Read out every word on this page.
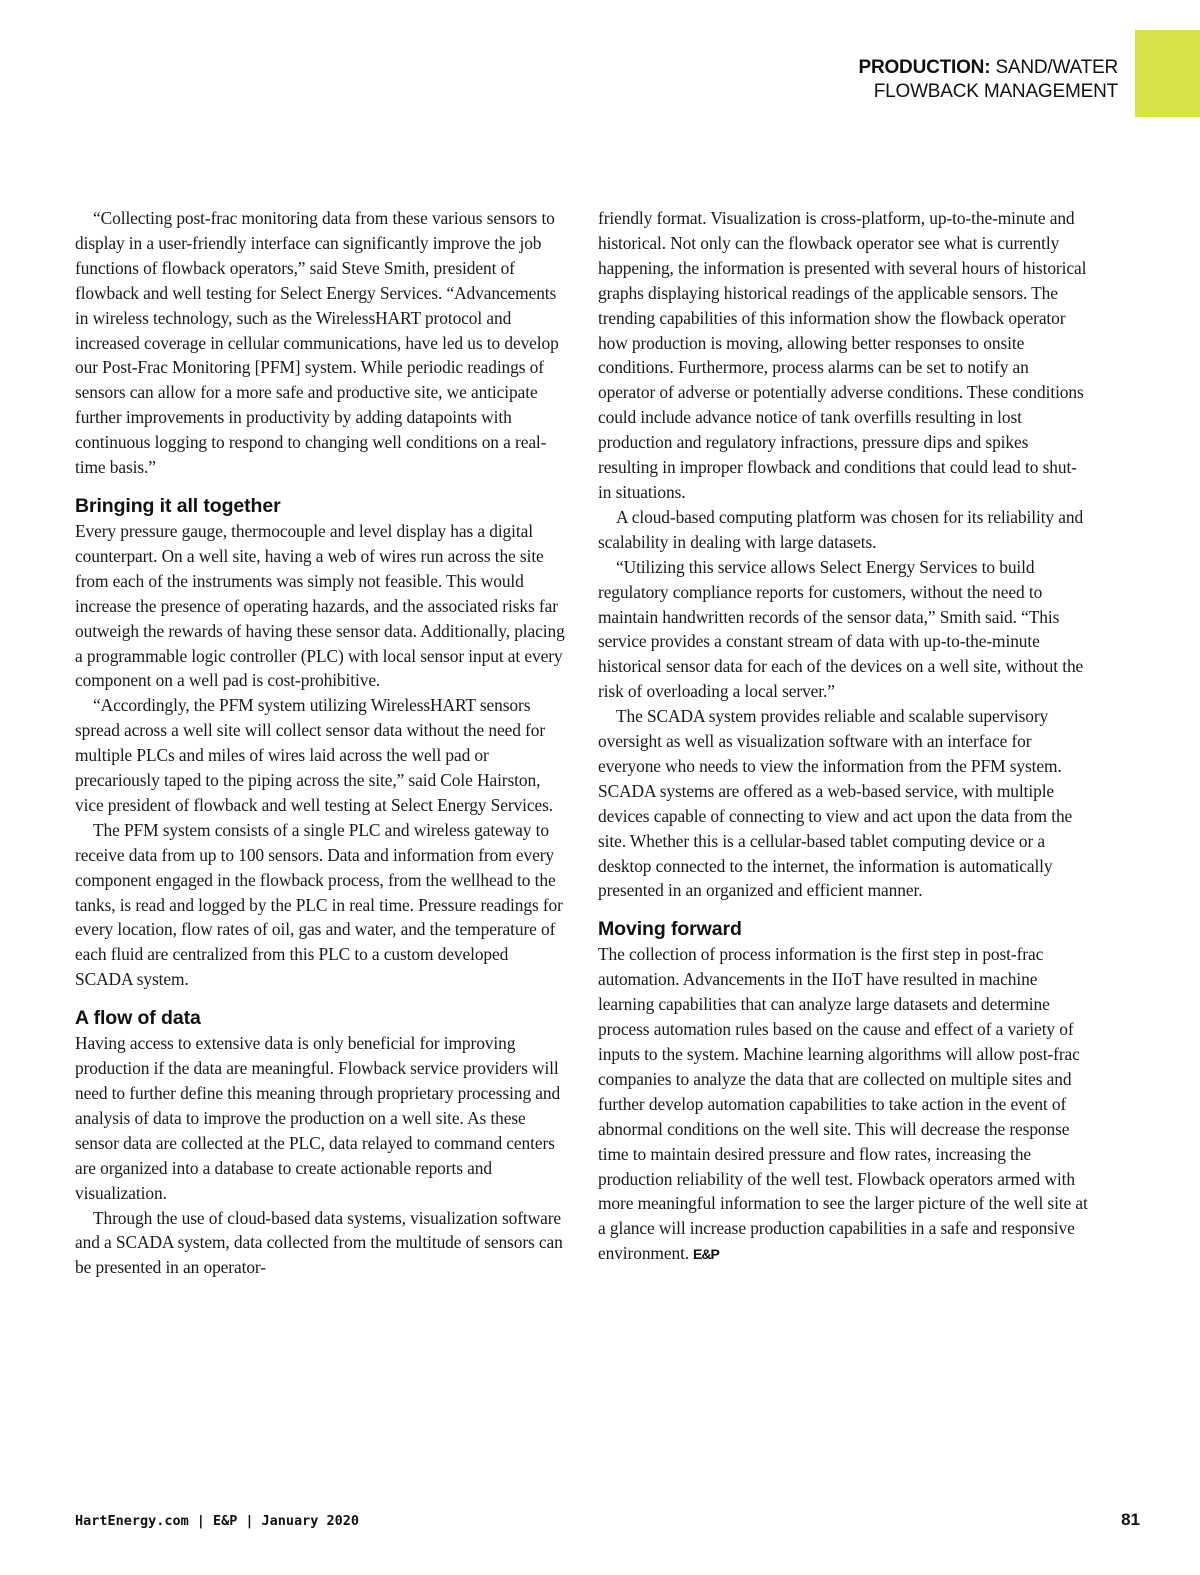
PRODUCTION: SAND/WATER
FLOWBACK MANAGEMENT

“Collecting post-frac monitoring data from these various sensors to display in a user-friendly interface can significantly improve the job functions of flowback operators,” said Steve Smith, president of flowback and well testing for Select Energy Services. “Advancements in wireless technology, such as the WirelessHART protocol and increased coverage in cellular communications, have led us to develop our Post-Frac Monitoring [PFM] system. While periodic readings of sensors can allow for a more safe and productive site, we anticipate further improvements in productivity by adding datapoints with continuous logging to respond to changing well conditions on a real-time basis.”

Bringing it all together

Every pressure gauge, thermocouple and level display has a digital counterpart. On a well site, having a web of wires run across the site from each of the instruments was simply not feasible. This would increase the presence of operating hazards, and the associated risks far outweigh the rewards of having these sensor data. Additionally, placing a programmable logic controller (PLC) with local sensor input at every component on a well pad is cost-prohibitive.

“Accordingly, the PFM system utilizing WirelessHART sensors spread across a well site will collect sensor data without the need for multiple PLCs and miles of wires laid across the well pad or precariously taped to the piping across the site,” said Cole Hairston, vice president of flowback and well testing at Select Energy Services.

The PFM system consists of a single PLC and wireless gateway to receive data from up to 100 sensors. Data and information from every component engaged in the flowback process, from the wellhead to the tanks, is read and logged by the PLC in real time. Pressure readings for every location, flow rates of oil, gas and water, and the temperature of each fluid are centralized from this PLC to a custom developed SCADA system.

A flow of data

Having access to extensive data is only beneficial for improving production if the data are meaningful. Flowback service providers will need to further define this meaning through proprietary processing and analysis of data to improve the production on a well site. As these sensor data are collected at the PLC, data relayed to command centers are organized into a database to create actionable reports and visualization.

Through the use of cloud-based data systems, visualization software and a SCADA system, data collected from the multitude of sensors can be presented in an operator-

friendly format. Visualization is cross-platform, up-to-the-minute and historical. Not only can the flowback operator see what is currently happening, the information is presented with several hours of historical graphs displaying historical readings of the applicable sensors. The trending capabilities of this information show the flowback operator how production is moving, allowing better responses to onsite conditions. Furthermore, process alarms can be set to notify an operator of adverse or potentially adverse conditions. These conditions could include advance notice of tank overfills resulting in lost production and regulatory infractions, pressure dips and spikes resulting in improper flowback and conditions that could lead to shut-in situations.

A cloud-based computing platform was chosen for its reliability and scalability in dealing with large datasets.

“Utilizing this service allows Select Energy Services to build regulatory compliance reports for customers, without the need to maintain handwritten records of the sensor data,” Smith said. “This service provides a constant stream of data with up-to-the-minute historical sensor data for each of the devices on a well site, without the risk of overloading a local server.”

The SCADA system provides reliable and scalable supervisory oversight as well as visualization software with an interface for everyone who needs to view the information from the PFM system. SCADA systems are offered as a web-based service, with multiple devices capable of connecting to view and act upon the data from the site. Whether this is a cellular-based tablet computing device or a desktop connected to the internet, the information is automatically presented in an organized and efficient manner.

Moving forward

The collection of process information is the first step in post-frac automation. Advancements in the IIoT have resulted in machine learning capabilities that can analyze large datasets and determine process automation rules based on the cause and effect of a variety of inputs to the system. Machine learning algorithms will allow post-frac companies to analyze the data that are collected on multiple sites and further develop automation capabilities to take action in the event of abnormal conditions on the well site. This will decrease the response time to maintain desired pressure and flow rates, increasing the production reliability of the well test. Flowback operators armed with more meaningful information to see the larger picture of the well site at a glance will increase production capabilities in a safe and responsive environment. E&P

HartEnergy.com | E&P | January 2020	81
